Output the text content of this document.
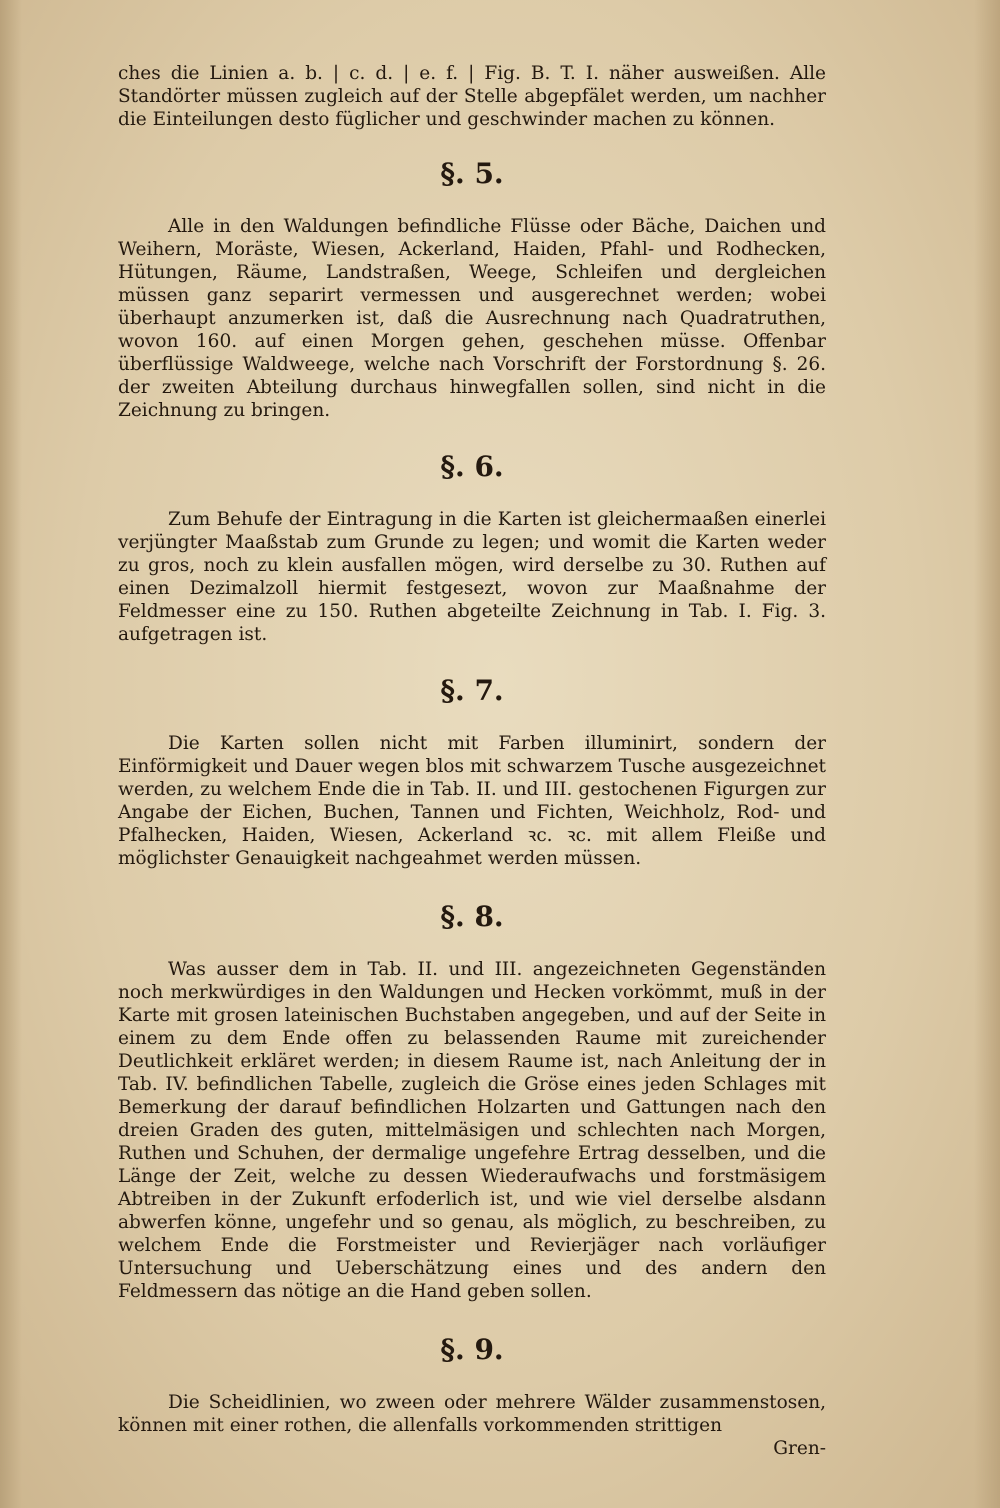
ches die Linien a. b. | c. d. | e. f. | Fig. B. T. I. näher ausweißen. Alle Standörter müssen zugleich auf der Stelle abgepfälet werden, um nachher die Einteilungen desto füglicher und geschwinder machen zu können.

§. 5.

Alle in den Waldungen befindliche Flüsse oder Bäche, Daichen und Weihern, Moräste, Wiesen, Ackerland, Haiden, Pfahl- und Rodhecken, Hütungen, Räume, Landstraßen, Weege, Schleifen und dergleichen müssen ganz separirt vermessen und ausgerechnet werden; wobei überhaupt anzumerken ist, daß die Ausrechnung nach Quadratruthen, wovon 160. auf einen Morgen gehen, geschehen müsse. Offenbar überflüssige Waldweege, welche nach Vorschrift der Forstordnung §. 26. der zweiten Abteilung durchaus hinwegfallen sollen, sind nicht in die Zeichnung zu bringen.

§. 6.

Zum Behufe der Eintragung in die Karten ist gleichermaaßen einerlei verjüngter Maaßstab zum Grunde zu legen; und womit die Karten weder zu gros, noch zu klein ausfallen mögen, wird derselbe zu 30. Ruthen auf einen Dezimalzoll hiermit festgesezt, wovon zur Maaßnahme der Feldmesser eine zu 150. Ruthen abgeteilte Zeichnung in Tab. I. Fig. 3. aufgetragen ist.

§. 7.

Die Karten sollen nicht mit Farben illuminirt, sondern der Einförmigkeit und Dauer wegen blos mit schwarzem Tusche ausgezeichnet werden, zu welchem Ende die in Tab. II. und III. gestochenen Figurgen zur Angabe der Eichen, Buchen, Tannen und Fichten, Weichholz, Rod- und Pfalhecken, Haiden, Wiesen, Ackerland ꝛc. ꝛc. mit allem Fleiße und möglichster Genauigkeit nachgeahmet werden müssen.

§. 8.

Was ausser dem in Tab. II. und III. angezeichneten Gegenständen noch merkwürdiges in den Waldungen und Hecken vorkömmt, muß in der Karte mit grosen lateinischen Buchstaben angegeben, und auf der Seite in einem zu dem Ende offen zu belassenden Raume mit zureichender Deutlichkeit erkläret werden; in diesem Raume ist, nach Anleitung der in Tab. IV. befindlichen Tabelle, zugleich die Gröse eines jeden Schlages mit Bemerkung der darauf befindlichen Holzarten und Gattungen nach den dreien Graden des guten, mittelmäsigen und schlechten nach Morgen, Ruthen und Schuhen, der dermalige ungefehre Ertrag desselben, und die Länge der Zeit, welche zu dessen Wiederaufwachs und forstmäsigem Abtreiben in der Zukunft erfoderlich ist, und wie viel derselbe alsdann abwerfen könne, ungefehr und so genau, als möglich, zu beschreiben, zu welchem Ende die Forstmeister und Revierjäger nach vorläufiger Untersuchung und Ueberschätzung eines und des andern den Feldmessern das nötige an die Hand geben sollen.

§. 9.

Die Scheidlinien, wo zween oder mehrere Wälder zusammenstosen, können mit einer rothen, die allenfalls vorkommenden strittigen

Gren-
